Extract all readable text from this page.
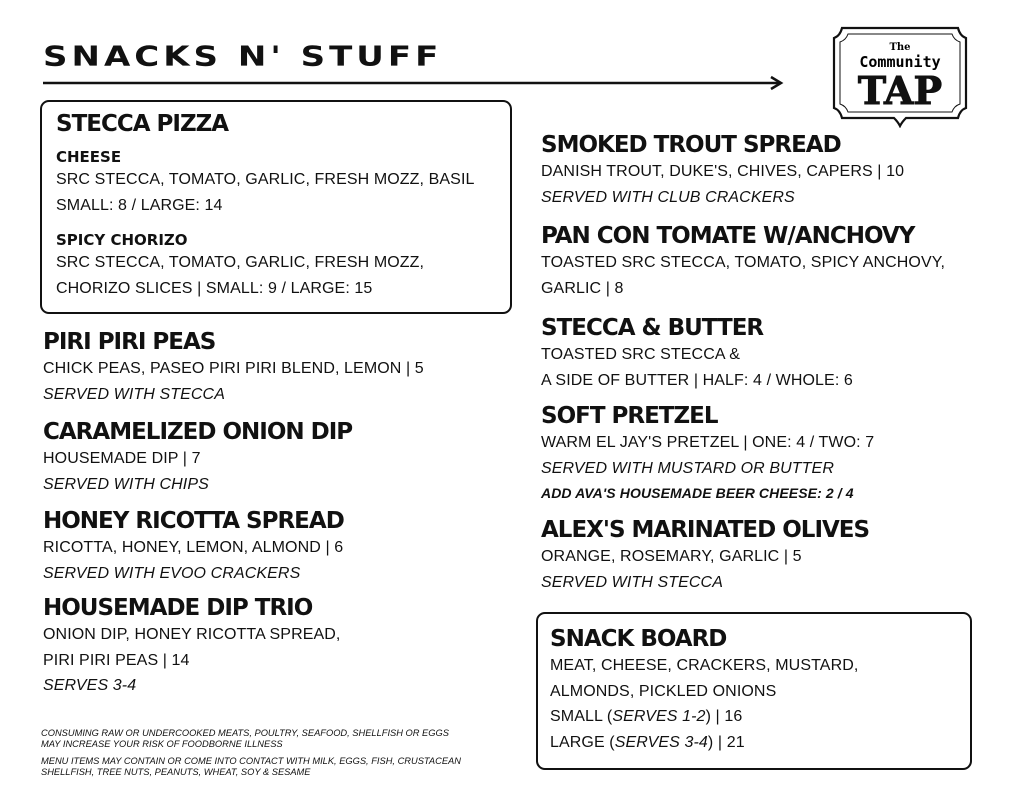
SNACKS N' STUFF	The
Community
TAP
STECCA PIZZA
CHEESE
SRC STECCA, TOMATO, GARLIC, FRESH MOZZ, BASIL
SMALL: 8 / LARGE: 14
SPICY CHORIZO
SRC STECCA, TOMATO, GARLIC, FRESH MOZZ,
CHORIZO SLICES | SMALL: 9 / LARGE: 15
PIRI PIRI PEAS
CHICK PEAS, PASEO PIRI PIRI BLEND, LEMON | 5
SERVED WITH STECCA
CARAMELIZED ONION DIP
HOUSEMADE DIP | 7
SERVED WITH CHIPS
HONEY RICOTTA SPREAD
RICOTTA, HONEY, LEMON, ALMOND | 6
SERVED WITH EVOO CRACKERS
HOUSEMADE DIP TRIO
ONION DIP, HONEY RICOTTA SPREAD,
PIRI PIRI PEAS | 14
SERVES 3-4
SMOKED TROUT SPREAD
DANISH TROUT, DUKE'S, CHIVES, CAPERS | 10
SERVED WITH CLUB CRACKERS
PAN CON TOMATE W/ANCHOVY
TOASTED SRC STECCA, TOMATO, SPICY ANCHOVY,
GARLIC | 8
STECCA & BUTTER
TOASTED SRC STECCA &
A SIDE OF BUTTER | HALF: 4 / WHOLE: 6
SOFT PRETZEL
WARM EL JAY'S PRETZEL | ONE: 4 / TWO: 7
SERVED WITH MUSTARD OR BUTTER
ADD AVA'S HOUSEMADE BEER CHEESE: 2 / 4
ALEX'S MARINATED OLIVES
ORANGE, ROSEMARY, GARLIC | 5
SERVED WITH STECCA
SNACK BOARD
MEAT, CHEESE, CRACKERS, MUSTARD,
ALMONDS, PICKLED ONIONS
SMALL (SERVES 1-2) | 16
LARGE (SERVES 3-4) | 21
CONSUMING RAW OR UNDERCOOKED MEATS, POULTRY, SEAFOOD, SHELLFISH OR EGGS
MAY INCREASE YOUR RISK OF FOODBORNE ILLNESS
MENU ITEMS MAY CONTAIN OR COME INTO CONTACT WITH MILK, EGGS, FISH, CRUSTACEAN
SHELLFISH, TREE NUTS, PEANUTS, WHEAT, SOY & SESAME
